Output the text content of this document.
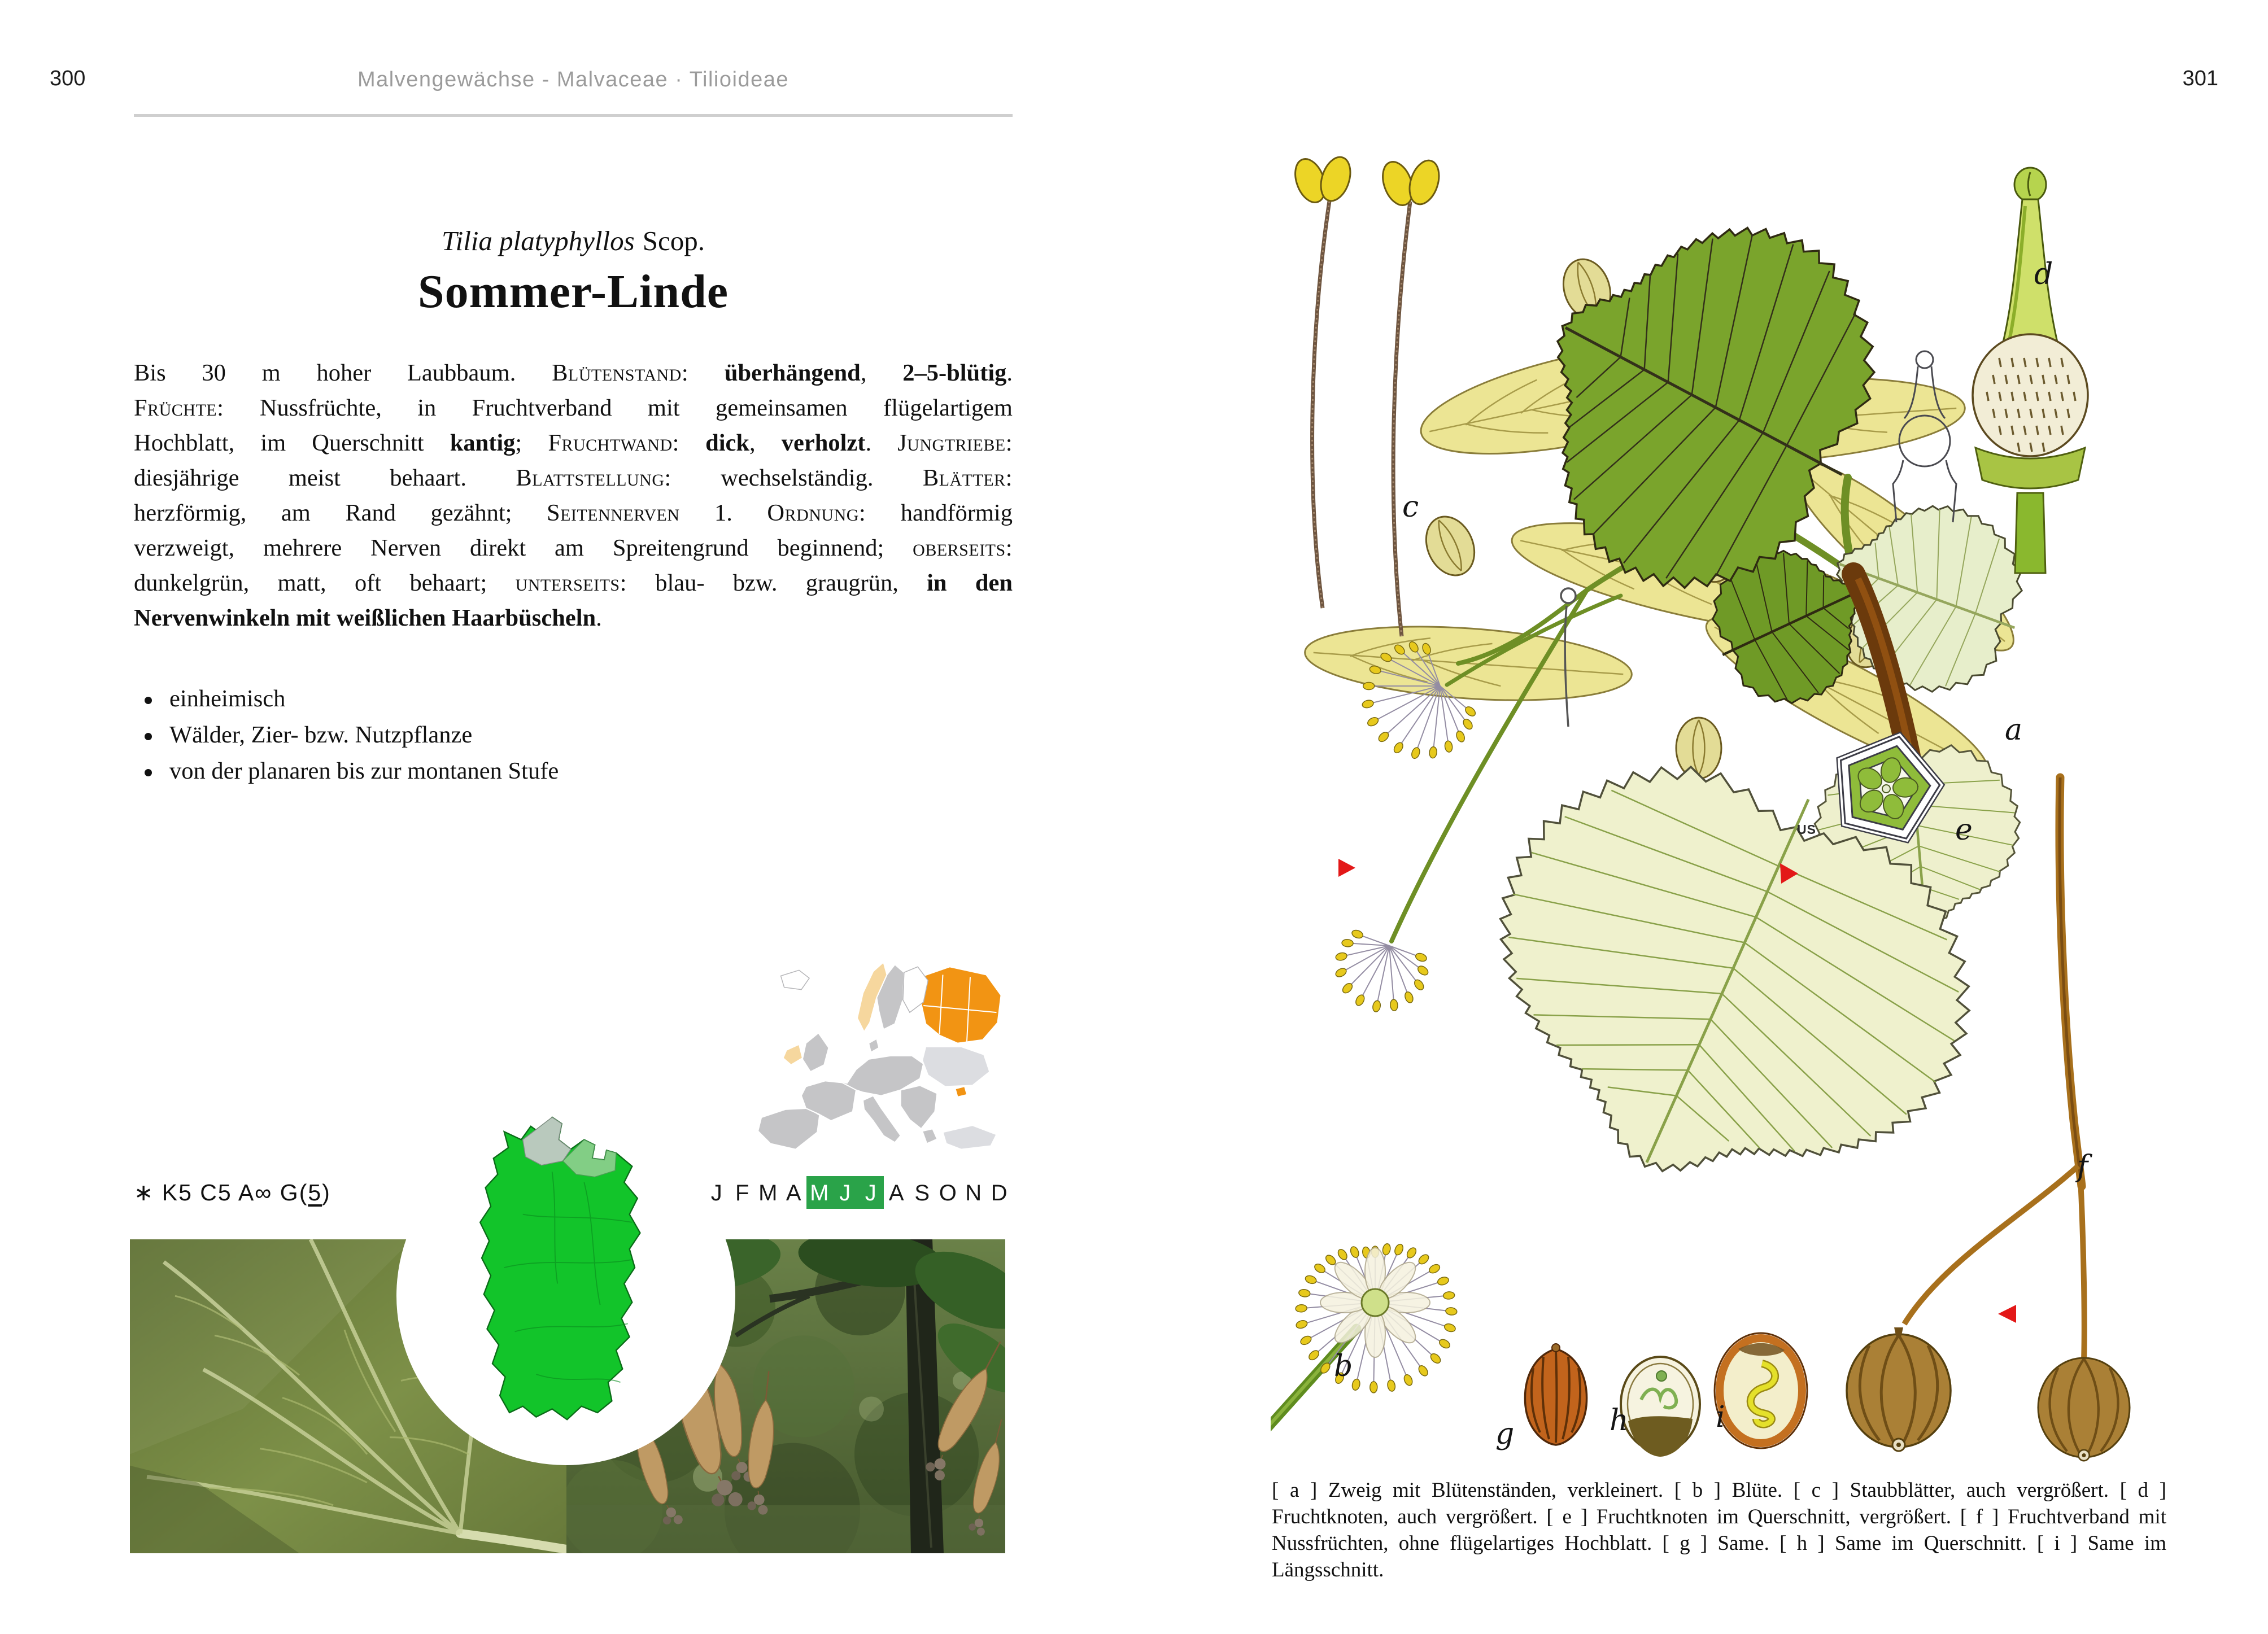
300	Malvengewächse - Malvaceae · Tilioideae
Tilia platyphyllos Scop.
Sommer-Linde
Bis 30 m hoher Laubbaum. Blütenstand: überhängend, 2–5-blütig.
Früchte: Nussfrüchte, in Fruchtverband mit gemeinsamen flügelartigem
Hochblatt, im Querschnitt kantig; Fruchtwand: dick, verholzt. Jungtriebe:
diesjährige meist behaart. Blattstellung: wechselständig. Blätter:
herzförmig, am Rand gezähnt; Seitennerven 1. Ordnung: handförmig
verzweigt, mehrere Nerven direkt am Spreitengrund beginnend; oberseits:
dunkelgrün, matt, oft behaart; unterseits: blau- bzw. graugrün, in den
Nervenwinkeln mit weißlichen Haarbüscheln.
einheimisch
Wälder, Zier- bzw. Nutzpflanze
von der planaren bis zur montanen Stufe
∗ K5 C5 A∞ G(5)	J F M A M J J A S O N D
301
a
b
c
d
e
f
g	h	i
US
[ a ] Zweig mit Blütenständen, verkleinert. [ b ] Blüte. [ c ] Staubblätter, auch vergrößert. [ d ] Fruchtknoten, auch vergrößert. [ e ] Fruchtknoten im Querschnitt, vergrößert. [ f ] Fruchtverband mit Nussfrüchten, ohne flügelartiges Hochblatt. [ g ] Same. [ h ] Same im Querschnitt. [ i ] Same im Längsschnitt.
